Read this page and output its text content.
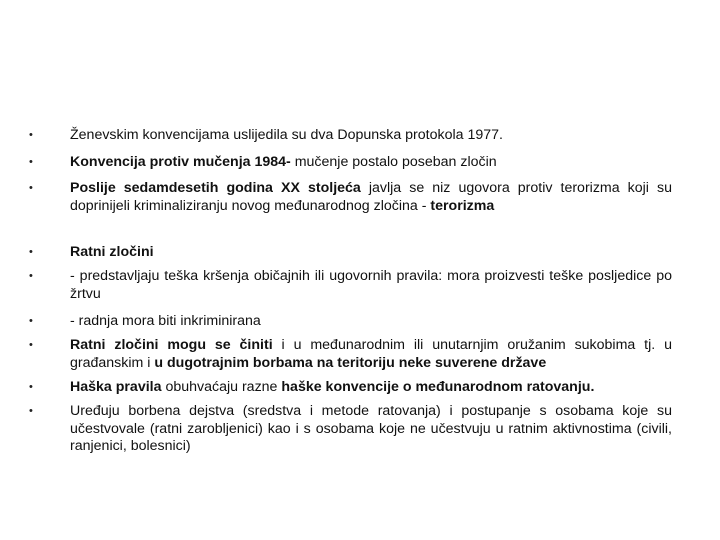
•	Ženevskim konvencijama uslijedila su dva Dopunska protokola 1977.
•	Konvencija protiv mučenja 1984- mučenje postalo poseban zločin
•	Poslije sedamdesetih godina XX stoljeća javlja se niz ugovora protiv terorizma koji su doprinijeli kriminaliziranju novog međunarodnog zločina - terorizma
•	Ratni zločini
•	- predstavljaju teška kršenja običajnih ili ugovornih pravila: mora proizvesti teške posljedice po žrtvu
•	- radnja mora biti inkriminirana
•	Ratni zločini mogu se činiti i u međunarodnim ili unutarnjim oružanim sukobima tj. u građanskim i u dugotrajnim borbama na teritoriju neke suverene države
•	Haška pravila obuhvaćaju razne haške konvencije o međunarodnom ratovanju.
•	Uređuju borbena dejstva (sredstva i metode ratovanja) i postupanje s osobama koje su učestvovale (ratni zarobljenici) kao i s osobama koje ne učestvuju u ratnim aktivnostima (civili, ranjenici, bolesnici)
